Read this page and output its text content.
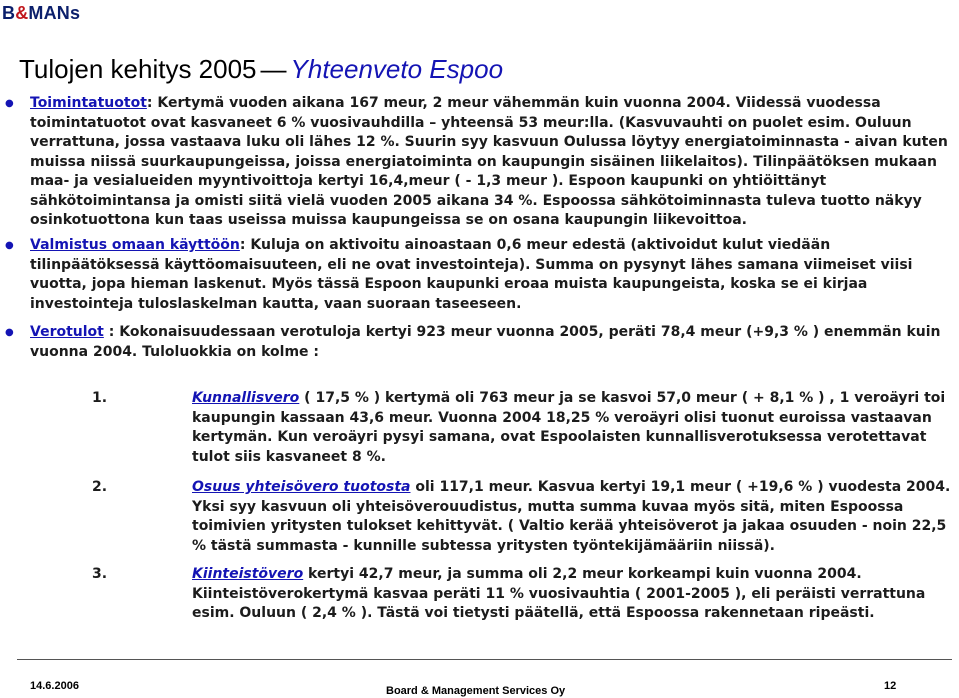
B&MANs
Tulojen kehitys 2005 — Yhteenveto Espoo
● Toimintatuotot: Kertymä vuoden aikana 167 meur, 2 meur vähemmän kuin vuonna 2004. Viidessä vuodessa toimintatuotot ovat kasvaneet 6 % vuosivauhdilla – yhteensä 53 meur:lla. (Kasvuvauhti on puolet esim. Ouluun verrattuna, jossa vastaava luku oli lähes 12 %. Suurin syy kasvuun Oulussa löytyy energiatoiminnasta - aivan kuten muissa niissä suurkaupungeissa, joissa energiatoiminta on kaupungin sisäinen liikelaitos). Tilinpäätöksen mukaan maa- ja vesialueiden myyntivoittoja kertyi 16,4,meur ( - 1,3 meur ). Espoon kaupunki on yhtiöittänyt sähkötoimintansa ja omisti siitä vielä vuoden 2005 aikana 34 %. Espoossa sähkötoiminnasta tuleva tuotto näkyy osinkotuottona kun taas useissa muissa kaupungeissa se on osana kaupungin liikevoittoa.
● Valmistus omaan käyttöön: Kuluja on aktivoitu ainoastaan 0,6 meur edestä (aktivoidut kulut viedään tilinpäätöksessä käyttöomaisuuteen, eli ne ovat investointeja). Summa on pysynyt lähes samana viimeiset viisi vuotta, jopa hieman laskenut. Myös tässä Espoon kaupunki eroaa muista kaupungeista, koska se ei kirjaa investointeja tuloslaskelman kautta, vaan suoraan taseeseen.
● Verotulot : Kokonaisuudessaan verotuloja kertyi 923 meur vuonna 2005, peräti 78,4 meur (+9,3 % ) enemmän kuin vuonna 2004. Tuloluokkia on kolme :
1.	Kunnallisvero ( 17,5 % ) kertymä oli 763 meur ja se kasvoi 57,0 meur ( + 8,1 % ) , 1 veroäyri toi kaupungin kassaan 43,6 meur. Vuonna 2004 18,25 % veroäyri olisi tuonut euroissa vastaavan kertymän. Kun veroäyri pysyi samana, ovat Espoolaisten kunnallisverotuksessa verotettavat tulot siis kasvaneet 8 %.
2.	Osuus yhteisövero tuotosta oli 117,1 meur. Kasvua kertyi 19,1 meur ( +19,6 % ) vuodesta 2004. Yksi syy kasvuun oli yhteisöverouudistus, mutta summa kuvaa myös sitä, miten Espoossa toimivien yritysten tulokset kehittyvät. ( Valtio kerää yhteisöverot ja jakaa osuuden - noin 22,5 % tästä summasta - kunnille subtessa yritysten työntekijämääriin niissä).
3.	Kiinteistövero kertyi 42,7 meur, ja summa oli 2,2 meur korkeampi kuin vuonna 2004. Kiinteistöverokertymä kasvaa peräti 11 % vuosivauhtia ( 2001-2005 ), eli peräisti verrattuna esim. Ouluun ( 2,4 % ). Tästä voi tietysti päätellä, että Espoossa rakennetaan ripeästi.
14.6.2006	Board & Management Services Oy	12
